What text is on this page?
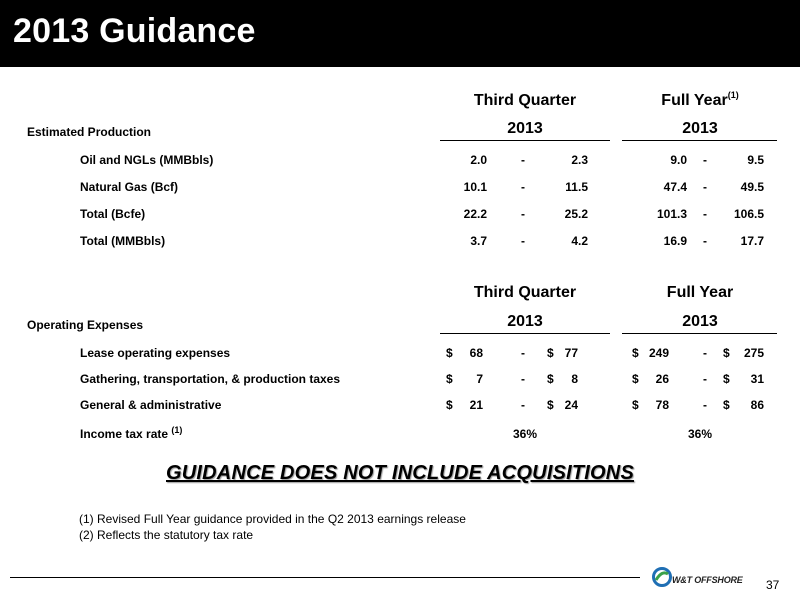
2013 Guidance
Third Quarter	Full Year$^{(1)}$
Estimated Production	2013	2013
Oil and NGLs (MMBbls)	2.0	-	2.3	9.0	-	9.5
Natural Gas (Bcf)	10.1	-	11.5	47.4	-	49.5
Total (Bcfe)	22.2	-	25.2	101.3	-	106.5
Total (MMBbls)	3.7	-	4.2	16.9	-	17.7
Third Quarter	Full Year
Operating Expenses	2013	2013
Lease operating expenses	$	68	-	$ 77	$ 249	-	$	275
Gathering, transportation, & production taxes	$	7	-	$	8	$	26	-	$	31
General & administrative	$	21	-	$ 24	$	78	-	$	86
Income tax rate $^{(1)}$	36%	36%
GUIDANCE DOES NOT INCLUDE ACQUISITIONS
(1) Revised Full Year guidance provided in the Q2 2013 earnings release
(2) Reflects the statutory tax rate
W&T OFFSHORE 37
